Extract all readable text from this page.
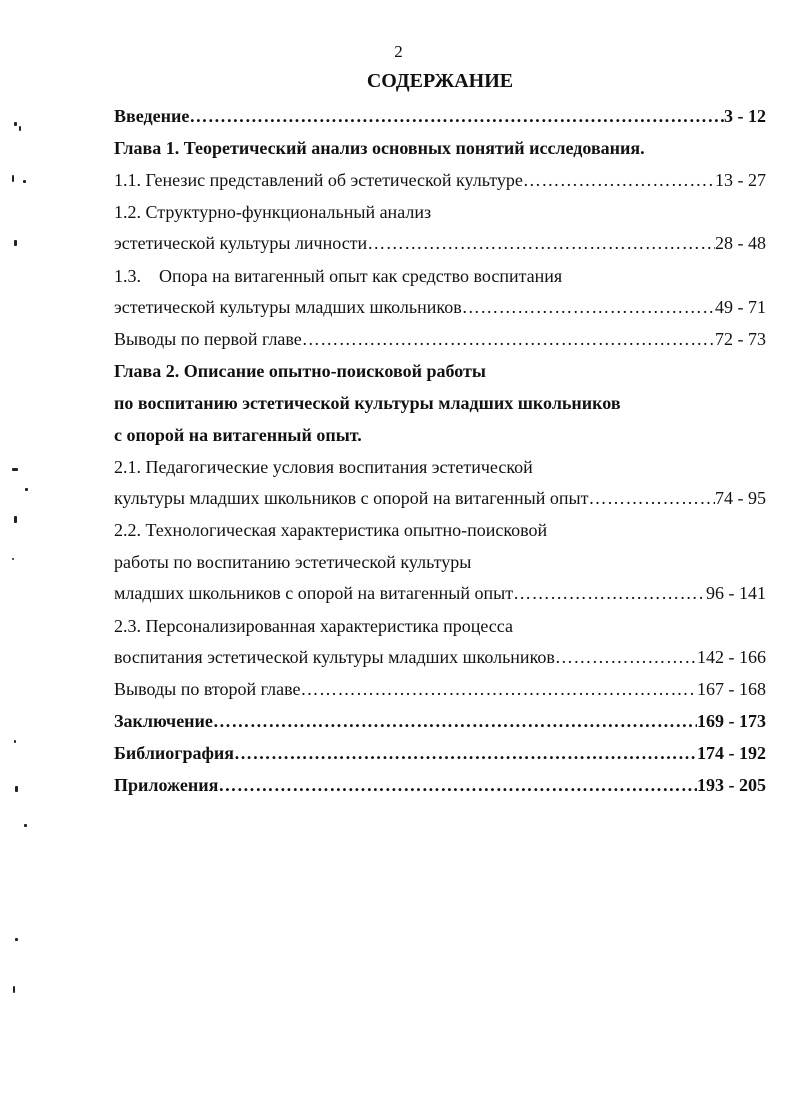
2
СОДЕРЖАНИЕ
Введение …………………………………………………………………………………………………………………………………………………………………………	3 - 12
Глава 1. Теоретический анализ основных понятий исследования.
1.1. Генезис представлений об эстетической культуре …………………………………………………………………………………………………………………………………………………………………………	13 - 27
1.2. Структурно-функциональный анализ
эстетической культуры личности …………………………………………………………………………………………………………………………………………………………………………	28 - 48
1.3.    Опора на витагенный опыт как средство воспитания
эстетической культуры младших школьников …………………………………………………………………………………………………………………………………………………………………………	49 - 71
Выводы по первой главе …………………………………………………………………………………………………………………………………………………………………………	72 - 73
Глава 2. Описание опытно-поисковой работы
по воспитанию эстетической культуры младших школьников
с опорой на витагенный опыт.
2.1. Педагогические условия воспитания эстетической
культуры младших школьников с опорой на витагенный опыт …………………………………………………………………………………………………………………………………………………………………………	74 - 95
2.2. Технологическая характеристика опытно-поисковой
работы по воспитанию эстетической культуры
младших школьников с опорой на витагенный опыт …………………………………………………………………………………………………………………………………………………………………………	96 - 141
2.3. Персонализированная характеристика процесса
воспитания эстетической культуры младших школьников …………………………………………………………………………………………………………………………………………………………………………	142 - 166
Выводы по второй главе …………………………………………………………………………………………………………………………………………………………………………	167 - 168
Заключение …………………………………………………………………………………………………………………………………………………………………………	169 - 173
Библиография …………………………………………………………………………………………………………………………………………………………………………	174 - 192
Приложения …………………………………………………………………………………………………………………………………………………………………………	193 - 205
